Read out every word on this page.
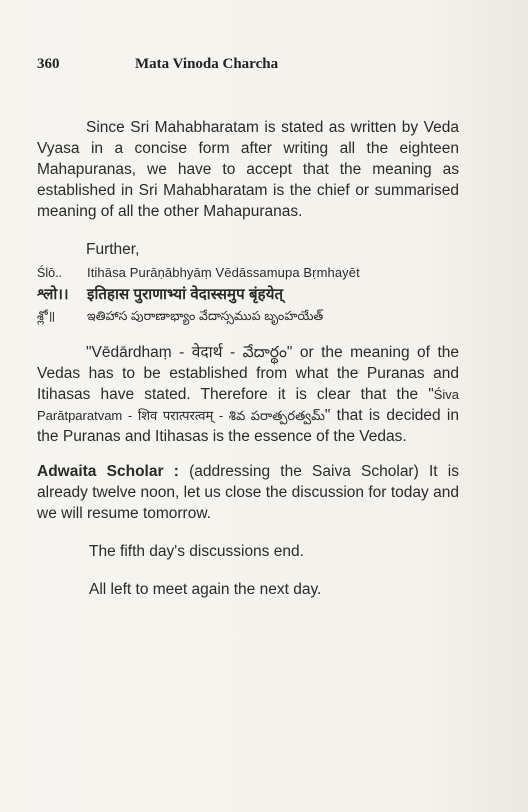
360	Mata Vinoda Charcha

Since Sri Mahabharatam is stated as written by Veda Vyasa in a concise form after writing all the eighteen Mahapuranas, we have to accept that the meaning as established in Sri Mahabharatam is the chief or summarised meaning of all the other Mahapuranas.

Further,

Ślō..	Itihāsa Purāṇābhyāṃ Vēdāssamupa Bṛmhayēt
श्लो।।	इतिहास पुराणाभ्यां वेदास्समुप बृंहयेत्
శ్లో॥	ఇతిహాస పురాణాభ్యాం వేదాస్సముప బృంహయేత్

"Vēdārdhaṃ - वेदार्थ - వేదార్థం" or the meaning of the Vedas has to be established from what the Puranas and Itihasas have stated. Therefore it is clear that the "Śiva Parātparatvam - शिव परात्परत्वम् - శివ పరాత్పరత్వమ్" that is decided in the Puranas and Itihasas is the essence of the Vedas.

Adwaita Scholar : (addressing the Saiva Scholar) It is already twelve noon, let us close the discussion for today and we will resume tomorrow.

The fifth day's discussions end.

All left to meet again the next day.
